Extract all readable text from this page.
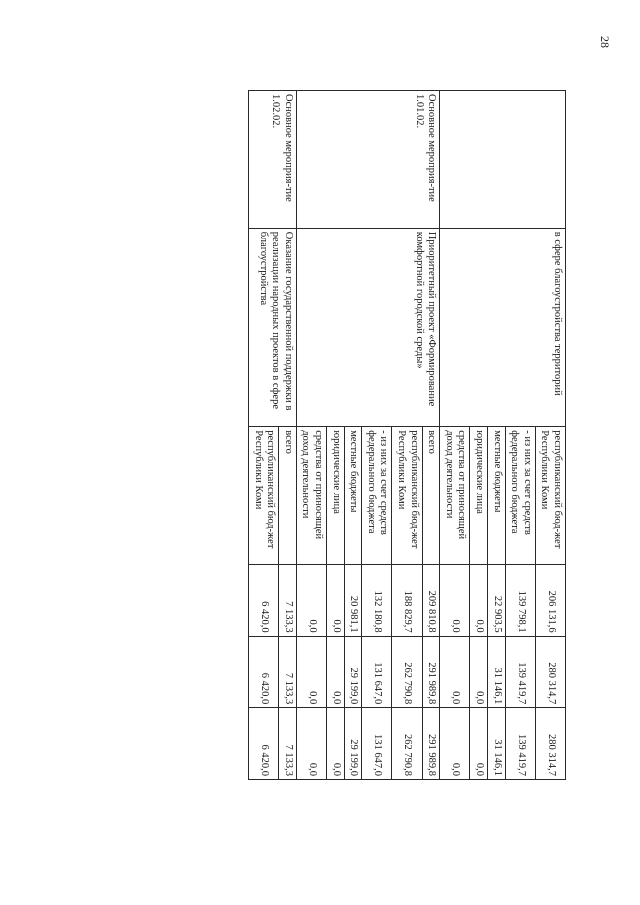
28
	в сфере благоустройства территорий	республиканский бюд-жет Республики Коми	206 131,6	280 314,7	280 314,7
		- из них за счет средств федерального бюджета	139 798,1	139 419,7	139 419,7
		местные бюджеты	22 903,5	31 146,1	31 146,1
		юридические лица	0,0	0,0	0,0
		средства от приносящей доход деятельности	0,0	0,0	0,0
Основное мероприя-тие 1.01.02.	Приоритетный проект «Формирование комфортной городской среды»	всего	209 810,8	291 989,8	291 989,8
		республиканский бюд-жет Республики Коми	188 829,7	262 790,8	262 790,8
		- из них за счет средств федерального бюджета	132 180,8	131 647,0	131 647,0
		местные бюджеты	20 981,1	29 199,0	29 199,0
		юридические лица	0,0	0,0	0,0
		средства от приносящей доход деятельности	0,0	0,0	0,0
Основное мероприя-тие 1.02.02.	Оказание государственной поддержки в реализации народных проектов в сфере благоустройства	всего	7 133,3	7 133,3	7 133,3
		республиканский бюд-жет Республики Коми	6 420,0	6 420,0	6 420,0
